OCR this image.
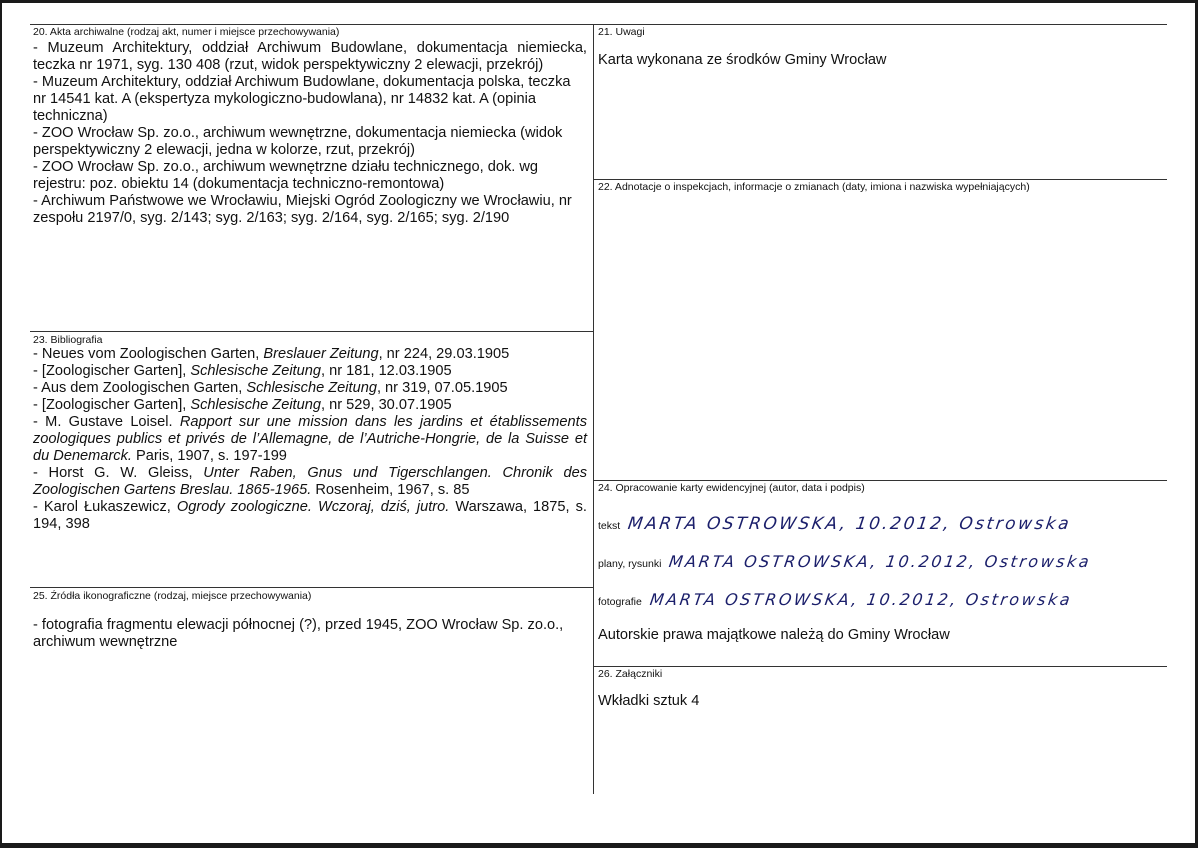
20. Akta archiwalne (rodzaj akt, numer i miejsce przechowywania)

- Muzeum Architektury, oddział Archiwum Budowlane, dokumentacja niemiecka, teczka nr 1971, syg. 130 408 (rzut, widok perspektywiczny 2 elewacji, przekrój)

- Muzeum Architektury, oddział Archiwum Budowlane, dokumentacja polska, teczka nr 14541 kat. A (ekspertyza mykologiczno-budowlana), nr 14832 kat. A (opinia techniczna)

- ZOO Wrocław Sp. zo.o., archiwum wewnętrzne, dokumentacja niemiecka (widok perspektywiczny 2 elewacji, jedna w kolorze, rzut, przekrój)

- ZOO Wrocław Sp. zo.o., archiwum wewnętrzne działu technicznego, dok. wg rejestru: poz. obiektu 14 (dokumentacja techniczno-remontowa)

- Archiwum Państwowe we Wrocławiu, Miejski Ogród Zoologiczny we Wrocławiu, nr zespołu 2197/0, syg. 2/143; syg. 2/163; syg. 2/164, syg. 2/165; syg. 2/190

21. Uwagi
Karta wykonana ze środków Gminy Wrocław
22. Adnotacje o inspekcjach, informacje o zmianach (daty, imiona i nazwiska wypełniających)
23. Bibliografia

- Neues vom Zoologischen Garten, Breslauer Zeitung, nr 224, 29.03.1905

- [Zoologischer Garten], Schlesische Zeitung, nr 181, 12.03.1905

- Aus dem Zoologischen Garten, Schlesische Zeitung, nr 319, 07.05.1905

- [Zoologischer Garten], Schlesische Zeitung, nr 529, 30.07.1905

- M. Gustave Loisel. Rapport sur une mission dans les jardins et établissements zoologiques publics et privés de l’Allemagne, de l’Autriche-Hongrie, de la Suisse et du Denemarck. Paris, 1907, s. 197-199

- Horst G. W. Gleiss, Unter Raben, Gnus und Tigerschlangen. Chronik des Zoologischen Gartens Breslau. 1865-1965. Rosenheim, 1967, s. 85

- Karol Łukaszewicz, Ogrody zoologiczne. Wczoraj, dziś, jutro. Warszawa, 1875, s. 194, 398

24. Opracowanie karty ewidencyjnej (autor, data i podpis)
tekst MARTA OSTROWSKA, 10.2012, Ostrowska
plany, rysunki MARTA OSTROWSKA, 10.2012, Ostrowska
fotografie MARTA OSTROWSKA, 10.2012, Ostrowska
Autorskie prawa majątkowe należą do Gminy Wrocław
25. Źródła ikonograficzne (rodzaj, miejsce przechowywania)
- fotografia fragmentu elewacji północnej (?), przed 1945, ZOO Wrocław Sp. zo.o., archiwum wewnętrzne
26. Załączniki
Wkładki sztuk 4
